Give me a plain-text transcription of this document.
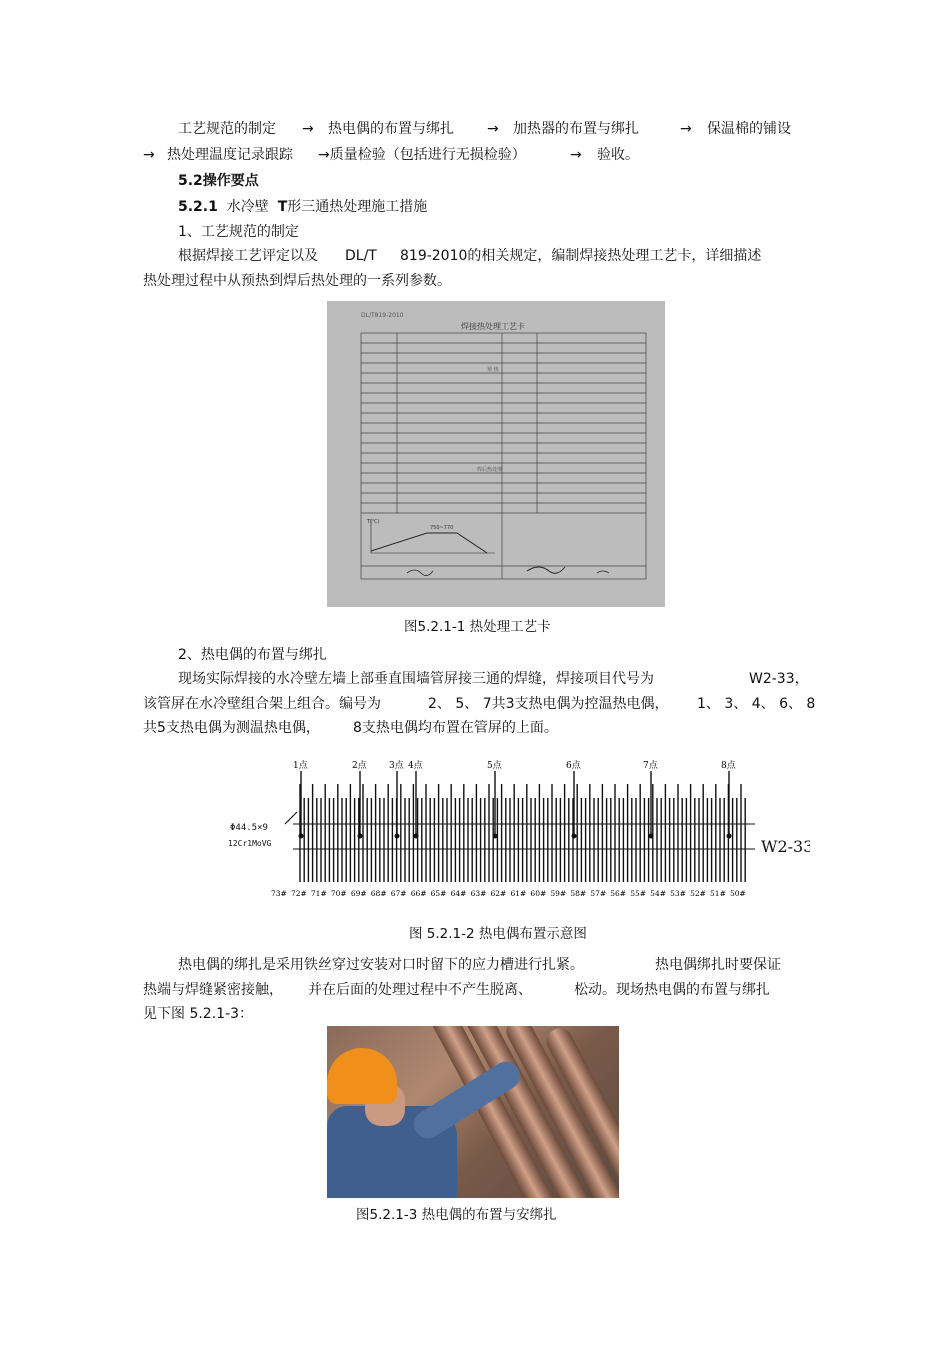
工艺规范的制定 → 热电偶的布置与绑扎 → 加热器的布置与绑扎	→ 保温棉的铺设
→ 热处理温度记录跟踪 →质量检验（包括进行无损检验）	→ 验收。
5.2操作要点
5.2.1 水冷壁 T形三通热处理施工措施
1、工艺规范的制定
根据焊接工艺评定以及 DL/T 819-2010的相关规定，编制焊接热处理工艺卡，详细描述
热处理过程中从预热到焊后热处理的一系列参数。
DL/T819-2010
焊接热处理工艺卡
预 热
焊后热处理
T(℃)
750~770
图5.2.1-1 热处理工艺卡
2、热电偶的布置与绑扎
现场实际焊接的水冷壁左墙上部垂直围墙管屏接三通的焊缝，焊接项目代号为	W2-33，
该管屏在水冷壁组合架上组合。编号为	2、 5、 7共3支热电偶为控温热电偶， 1、 3、 4、 6、 8
共5支热电偶为测温热电偶， 8支热电偶均布置在管屏的上面。
1点	2点 3点 4点	5点	6点	7点	8点
73# 72# 71# 70# 69# 68# 67# 66# 65# 64# 63# 62# 61# 60# 59# 58# 57# 56# 55# 54# 53# 52# 51# 50#
Φ44.5×9
12Cr1MoVG	W2-33
图 5.2.1-2 热电偶布置示意图
热电偶的绑扎是采用铁丝穿过安装对口时留下的应力槽进行扎紧。	热电偶绑扎时要保证
热端与焊缝紧密接触， 并在后面的处理过程中不产生脱离、	松动。现场热电偶的布置与绑扎
见下图 5.2.1-3：
图5.2.1-3 热电偶的布置与安绑扎
